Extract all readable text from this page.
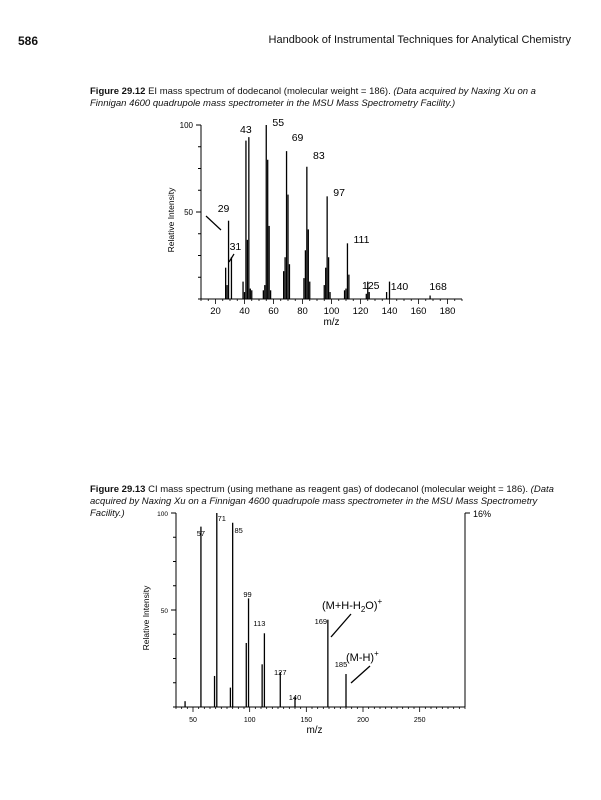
586	Handbook of Instrumental Techniques for Analytical Chemistry
Figure 29.12 EI mass spectrum of dodecanol (molecular weight = 186). (Data acquired by Naxing Xu on a Finnigan 4600 quadrupole mass spectrometer in the MSU Mass Spectrometry Facility.)
50
100
20 40 60 80 100 120 140 160 180
m/z
Relative Intensity	29
31
43
55
69
83
97
111
125 140 168
Figure 29.13 CI mass spectrum (using methane as reagent gas) of dodecanol (molecular weight = 186). (Data acquired by Naxing Xu on a Finnigan 4600 quadrupole mass spectrometer in the MSU Mass Spectrometry Facility.)	16%
50
100
50	100	150	200	250
m/z
Relative Intensity
57
71
85
99
113
127
140
169
185
$(M+H-H_2O)^+$
(M-H)+
